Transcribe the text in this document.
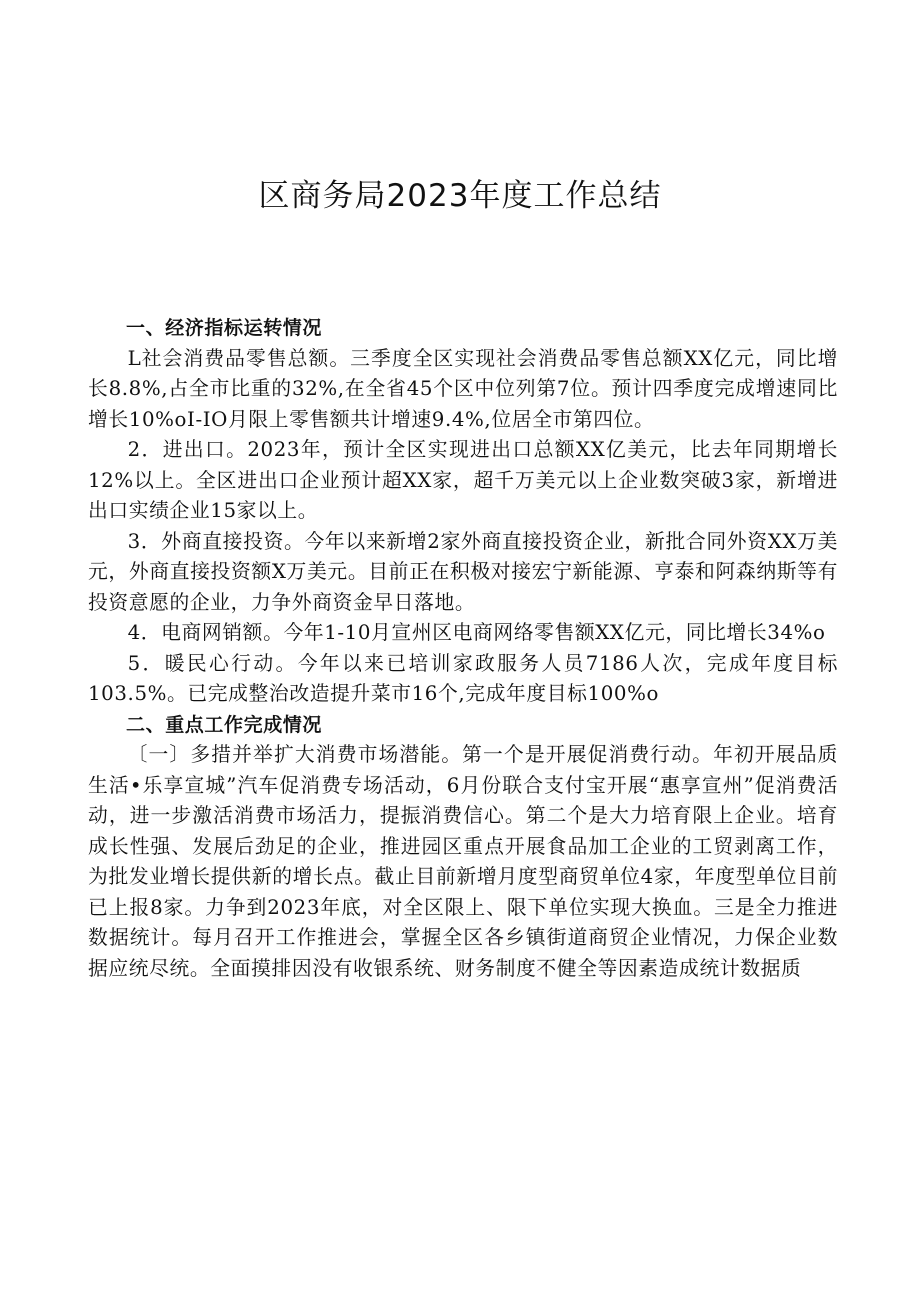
区商务局2023年度工作总结

一、经济指标运转情况

L社会消费品零售总额。三季度全区实现社会消费品零售总额XX亿元，同比增长8.8%,占全市比重的32%,在全省45个区中位列第7位。预计四季度完成增速同比增长10%oI-IO月限上零售额共计增速9.4%,位居全市第四位。

2．进出口。2023年，预计全区实现进出口总额XX亿美元，比去年同期增长12%以上。全区进出口企业预计超XX家，超千万美元以上企业数突破3家，新增进出口实绩企业15家以上。

3．外商直接投资。今年以来新增2家外商直接投资企业，新批合同外资XX万美元，外商直接投资额X万美元。目前正在积极对接宏宁新能源、亨泰和阿森纳斯等有投资意愿的企业，力争外商资金早日落地。

4．电商网销额。今年1-10月宣州区电商网络零售额XX亿元，同比增长34%o

5．暖民心行动。今年以来已培训家政服务人员7186人次，完成年度目标103.5%。已完成整治改造提升菜市16个,完成年度目标100%o

二、重点工作完成情况

〔一〕多措并举扩大消费市场潜能。第一个是开展促消费行动。年初开展品质生活•乐享宣城”汽车促消费专场活动，6月份联合支付宝开展“惠享宣州”促消费活动，进一步激活消费市场活力，提振消费信心。第二个是大力培育限上企业。培育成长性强、发展后劲足的企业，推进园区重点开展食品加工企业的工贸剥离工作，为批发业增长提供新的增长点。截止目前新增月度型商贸单位4家，年度型单位目前已上报8家。力争到2023年底，对全区限上、限下单位实现大换血。三是全力推进数据统计。每月召开工作推进会，掌握全区各乡镇街道商贸企业情况，力保企业数据应统尽统。全面摸排因没有收银系统、财务制度不健全等因素造成统计数据质
